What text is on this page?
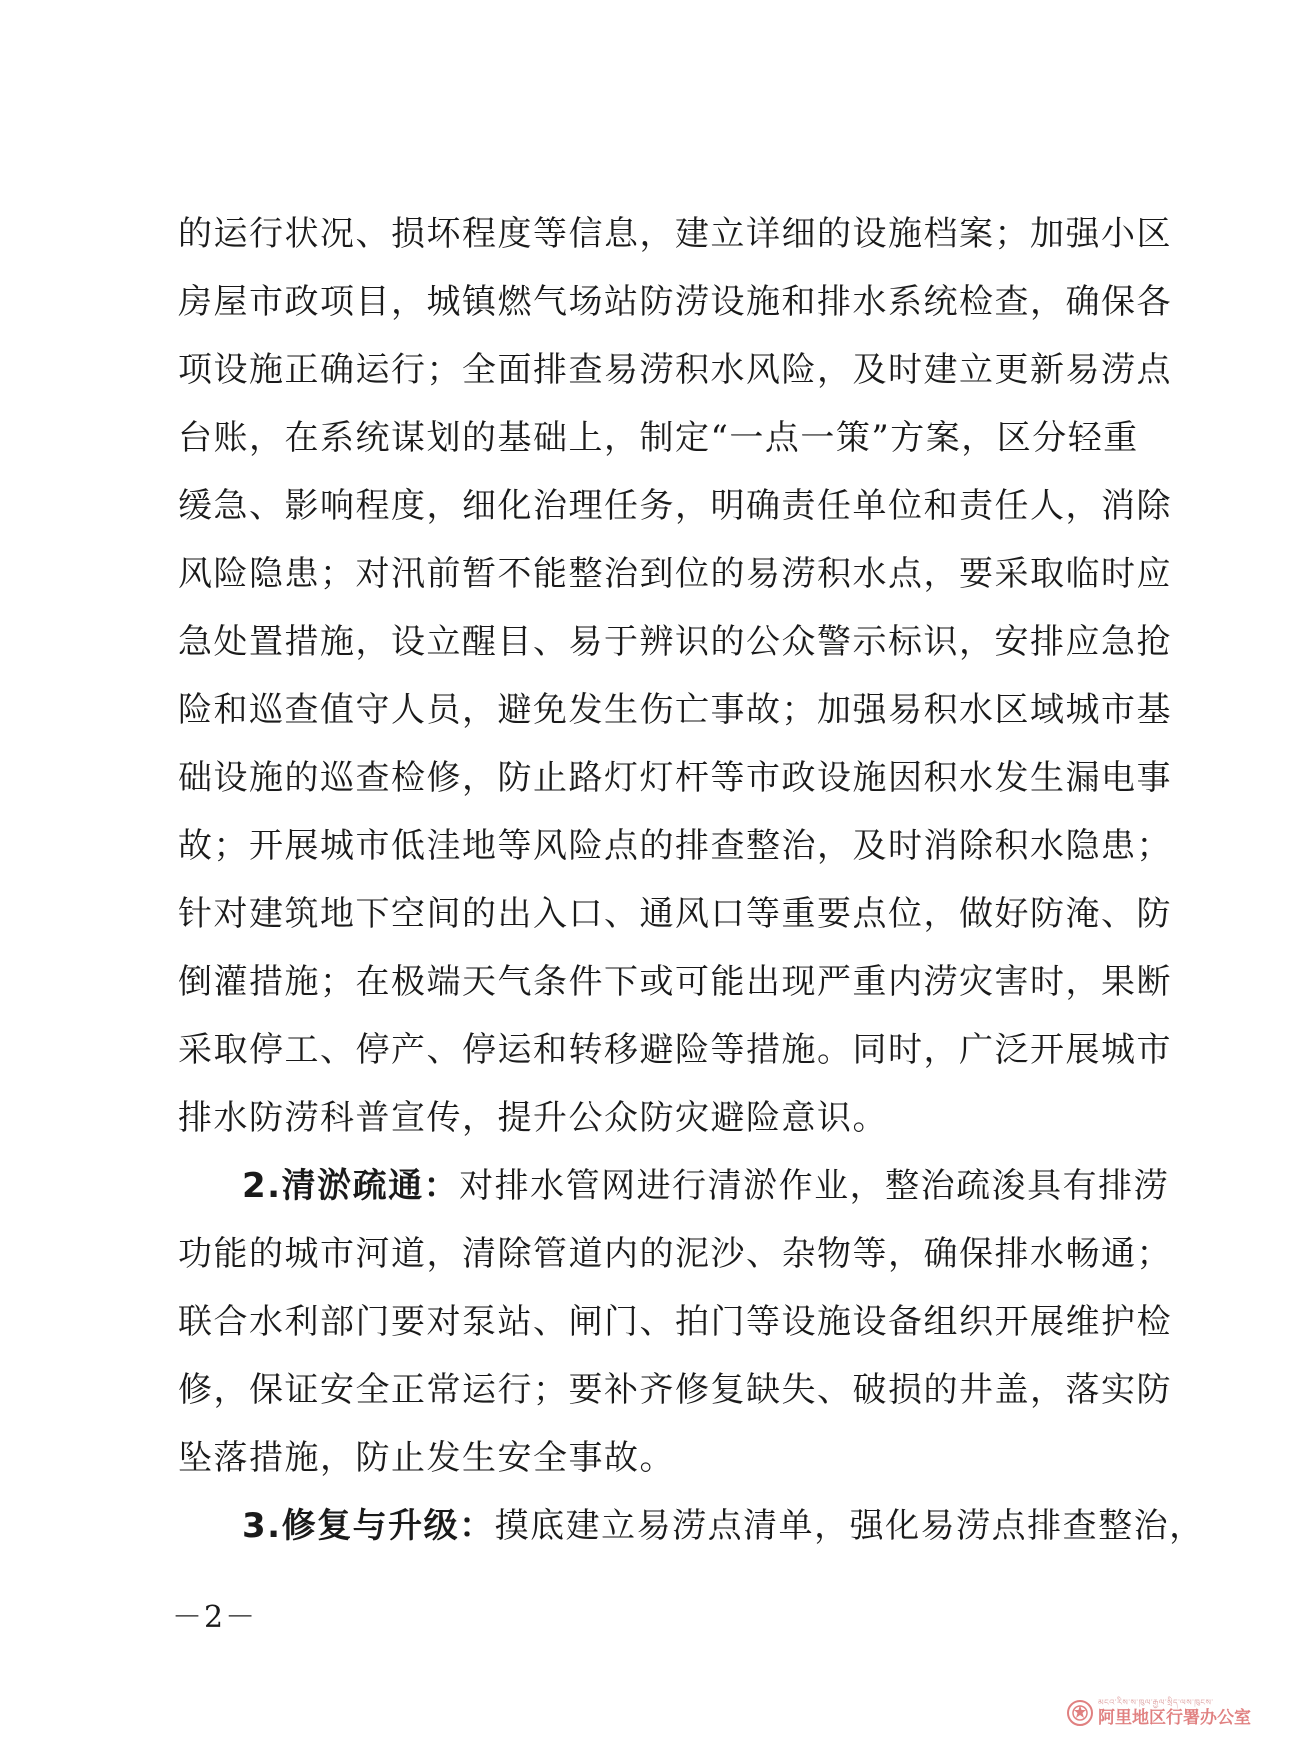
的运行状况、损坏程度等信息，建立详细的设施档案；加强小区
房屋市政项目，城镇燃气场站防涝设施和排水系统检查，确保各
项设施正确运行；全面排查易涝积水风险，及时建立更新易涝点
台账，在系统谋划的基础上，制定“一点一策”方案，区分轻重
缓急、影响程度，细化治理任务，明确责任单位和责任人，消除
风险隐患；对汛前暂不能整治到位的易涝积水点，要采取临时应
急处置措施，设立醒目、易于辨识的公众警示标识，安排应急抢
险和巡查值守人员，避免发生伤亡事故；加强易积水区域城市基
础设施的巡查检修，防止路灯灯杆等市政设施因积水发生漏电事
故；开展城市低洼地等风险点的排查整治，及时消除积水隐患；
针对建筑地下空间的出入口、通风口等重要点位，做好防淹、防
倒灌措施；在极端天气条件下或可能出现严重内涝灾害时，果断
采取停工、停产、停运和转移避险等措施。同时，广泛开展城市
排水防涝科普宣传，提升公众防灾避险意识。
2.清淤疏通：对排水管网进行清淤作业，整治疏浚具有排涝
功能的城市河道，清除管道内的泥沙、杂物等，确保排水畅通；
联合水利部门要对泵站、闸门、拍门等设施设备组织开展维护检
修，保证安全正常运行；要补齐修复缺失、破损的井盖，落实防
坠落措施，防止发生安全事故。
3.修复与升级：摸底建立易涝点清单，强化易涝点排查整治，
－2－
མངའ་རིས་ས་ཁུལ་རྒྱལ་སྲིད་ལས་ཁུངས་
阿里地区行署办公室
